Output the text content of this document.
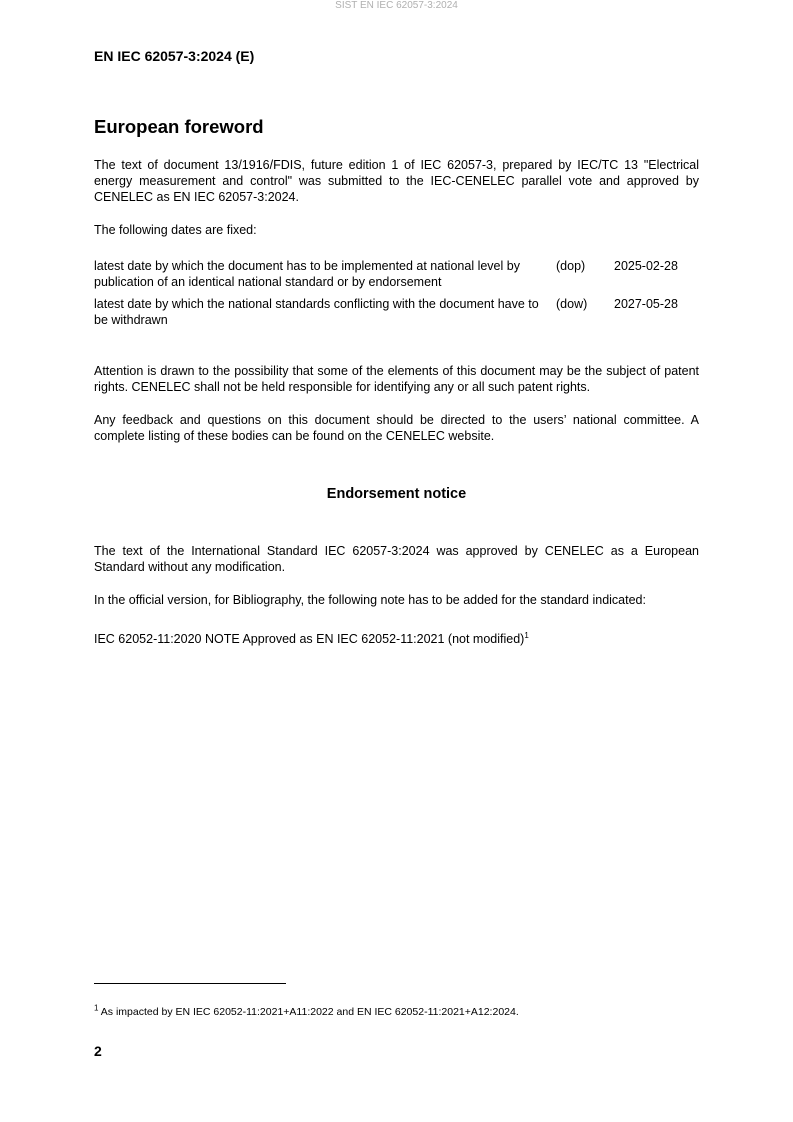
SIST EN IEC 62057-3:2024
EN IEC 62057-3:2024 (E)
European foreword
The text of document 13/1916/FDIS, future edition 1 of IEC 62057-3, prepared by IEC/TC 13 "Electrical energy measurement and control" was submitted to the IEC-CENELEC parallel vote and approved by CENELEC as EN IEC 62057-3:2024.
The following dates are fixed:
latest date by which the document has to be implemented at national level by publication of an identical national standard or by endorsement
(dop)	2025-02-28
latest date by which the national standards conflicting with the document have to be withdrawn
(dow)	2027-05-28
Attention is drawn to the possibility that some of the elements of this document may be the subject of patent rights. CENELEC shall not be held responsible for identifying any or all such patent rights.
Any feedback and questions on this document should be directed to the users’ national committee. A complete listing of these bodies can be found on the CENELEC website.
Endorsement notice
The text of the International Standard IEC 62057-3:2024 was approved by CENELEC as a European Standard without any modification.
In the official version, for Bibliography, the following note has to be added for the standard indicated:
IEC 62052-11:2020 NOTE Approved as EN IEC 62052-11:2021 (not modified)$^1$
$^1$ As impacted by EN IEC 62052-11:2021+A11:2022 and EN IEC 62052-11:2021+A12:2024.
2
